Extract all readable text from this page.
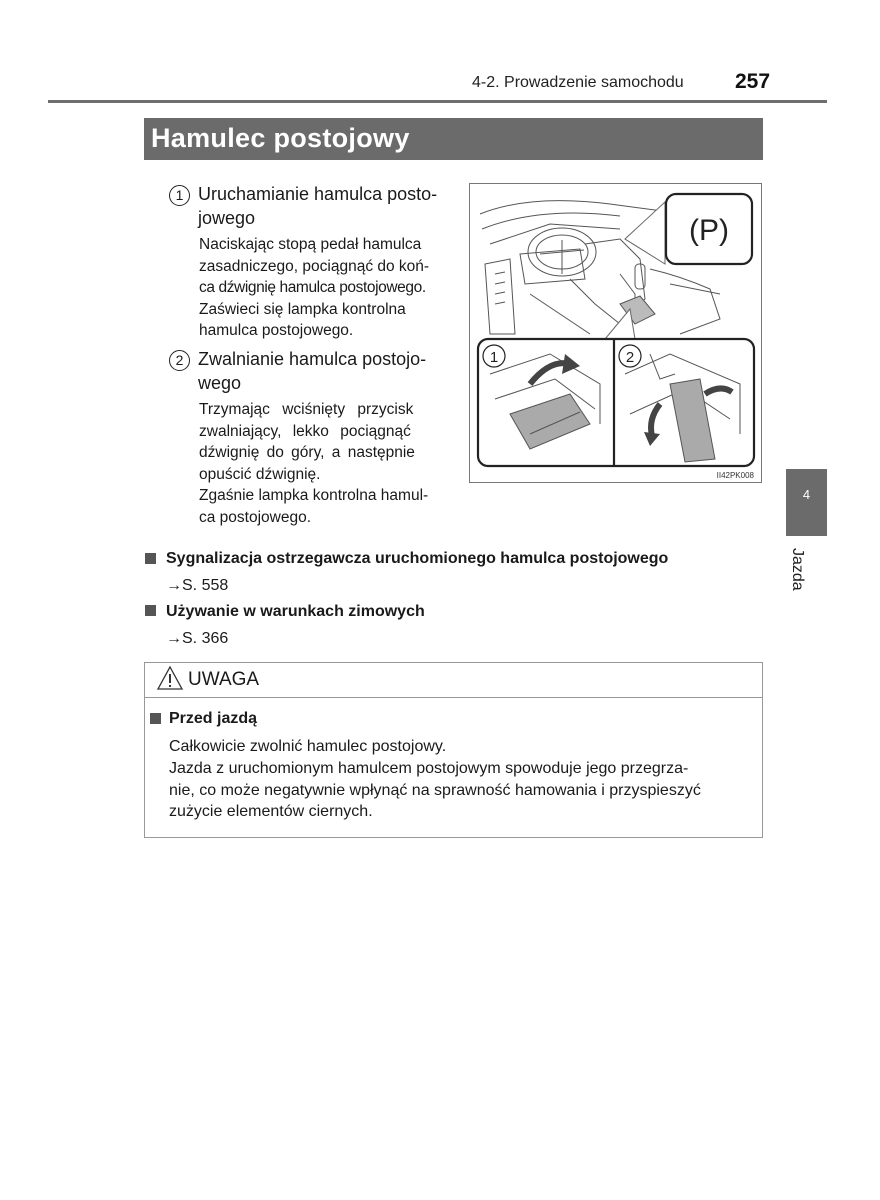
4-2. Prowadzenie samochodu 257
Hamulec postojowy
1 Uruchamianie hamulca posto-
jowego
Naciskając stopą pedał hamulca
zasadniczego, pociągnąć do koń-
ca dźwignię hamulca postojowego.
Zaświeci się lampka kontrolna
hamulca postojowego.
2 Zwalnianie hamulca postojo-
wego
Trzymając wciśnięty przycisk
zwalniający, lekko pociągnąć
dźwignię do góry, a następnie
opuścić dźwignię.
Zgaśnie lampka kontrolna hamul-
ca postojowego.
(P)
1	2
II42PK008
4
Jazda
Sygnalizacja ostrzegawcza uruchomionego hamulca postojowego
→S. 558
Używanie w warunkach zimowych
→S. 366
UWAGA
Przed jazdą
Całkowicie zwolnić hamulec postojowy.
Jazda z uruchomionym hamulcem postojowym spowoduje jego przegrza-
nie, co może negatywnie wpłynąć na sprawność hamowania i przyspieszyć
zużycie elementów ciernych.
